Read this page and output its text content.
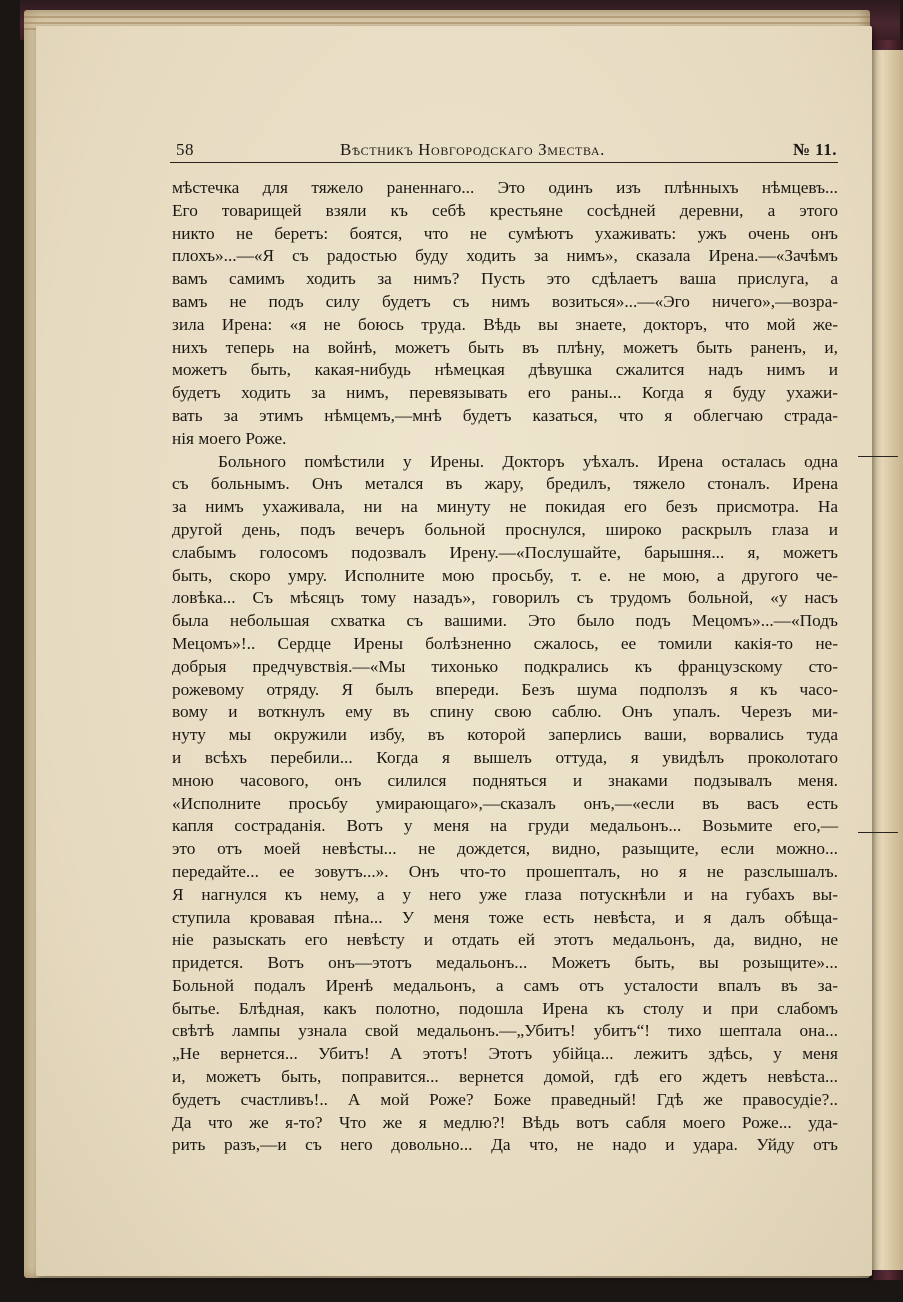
58	Вѣстникъ Новгородскаго Змества.	№ 11.
мѣстечка для тяжело раненнаго... Это одинъ изъ плѣнныхъ нѣмцевъ...
Его товарищей взяли къ себѣ крестьяне сосѣдней деревни, а этого
никто не беретъ: боятся, что не сумѣютъ ухаживать: ужъ очень онъ
плохъ»...—«Я съ радостью буду ходить за нимъ», сказала Ирена.—«Зачѣмъ
вамъ самимъ ходить за нимъ? Пусть это сдѣлаетъ ваша прислуга, а
вамъ не подъ силу будетъ съ нимъ возиться»...—«Эго ничего»,—возра-
зила Ирена: «я не боюсь труда. Вѣдь вы знаете, докторъ, что мой же-
нихъ теперь на войнѣ, можетъ быть въ плѣну, можетъ быть раненъ, и,
можетъ быть, какая-нибудь нѣмецкая дѣвушка сжалится надъ нимъ и
будетъ ходить за нимъ, перевязывать его раны... Когда я буду ухажи-
вать за этимъ нѣмцемъ,—мнѣ будетъ казаться, что я облегчаю страда-
нія моего Роже.
Больного помѣстили у Ирены. Докторъ уѣхалъ. Ирена осталась одна
съ больнымъ. Онъ метался въ жару, бредилъ, тяжело стоналъ. Ирена
за нимъ ухаживала, ни на минуту не покидая его безъ присмотра. На
другой день, подъ вечеръ больной проснулся, широко раскрылъ глаза и
слабымъ голосомъ подозвалъ Ирену.—«Послушайте, барышня... я, можетъ
быть, скоро умру. Исполните мою просьбу, т. е. не мою, а другого че-
ловѣка... Съ мѣсяцъ тому назадъ», говорилъ съ трудомъ больной, «у насъ
была небольшая схватка съ вашими. Это было подъ Мецомъ»...—«Подъ
Мецомъ»!.. Сердце Ирены болѣзненно сжалось, ее томили какія-то не-
добрыя предчувствія.—«Мы тихонько подкрались къ французскому сто-
рожевому отряду. Я былъ впереди. Безъ шума подползъ я къ часо-
вому и воткнулъ ему въ спину свою саблю. Онъ упалъ. Черезъ ми-
нуту мы окружили избу, въ которой заперлись ваши, ворвались туда
и всѣхъ перебили... Когда я вышелъ оттуда, я увидѣлъ проколотаго
мною часового, онъ силился подняться и знаками подзывалъ меня.
«Исполните просьбу умирающаго»,—сказалъ онъ,—«если въ васъ есть
капля состраданія. Вотъ у меня на груди медальонъ... Возьмите его,—
это отъ моей невѣсты... не дождется, видно, разыщите, если можно...
передайте... ее зовутъ...». Онъ что-то прошепталъ, но я не разслышалъ.
Я нагнулся къ нему, а у него уже глаза потускнѣли и на губахъ вы-
ступила кровавая пѣна... У меня тоже есть невѣста, и я далъ обѣща-
ніе разыскать его невѣсту и отдать ей этотъ медальонъ, да, видно, не
придется. Вотъ онъ—этотъ медальонъ... Можетъ быть, вы розыщите»...
Больной подалъ Иренѣ медальонъ, а самъ отъ усталости впалъ въ за-
бытье. Блѣдная, какъ полотно, подошла Ирена къ столу и при слабомъ
свѣтѣ лампы узнала свой медальонъ.—„Убитъ! убитъ“! тихо шептала она...
„Не вернется... Убитъ! А этотъ! Этотъ убійца... лежитъ здѣсь, у меня
и, можетъ быть, поправится... вернется домой, гдѣ его ждетъ невѣста...
будетъ счастливъ!.. А мой Роже? Боже праведный! Гдѣ же правосудіе?..
Да что же я-то? Что же я медлю?! Вѣдь вотъ сабля моего Роже... уда-
рить разъ,—и съ него довольно... Да что, не надо и удара. Уйду отъ
